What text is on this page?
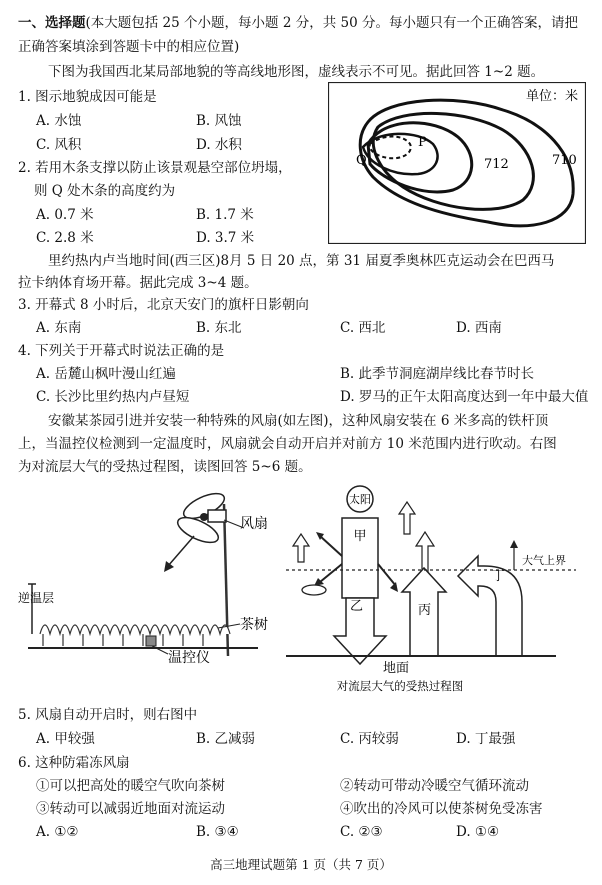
一、选择题(本大题包括 25 个小题，每小题 2 分，共 50 分。每小题只有一个正确答案，请把
正确答案填涂到答题卡中的相应位置)
下图为我国西北某局部地貌的等高线地形图，虚线表示不可见。据此回答 1~2 题。
1. 图示地貌成因可能是
A. 水蚀	B. 风蚀
C. 风积	D. 水积
2. 若用木条支撑以防止该景观悬空部位坍塌，
则 Q 处木条的高度约为
A. 0.7 米	B. 1.7 米
C. 2.8 米	D. 3.7 米
单位：米
P
Q	712	710
里约热内卢当地时间(西三区)8月 5 日 20 点，第 31 届夏季奥林匹克运动会在巴西马
拉卡纳体育场开幕。据此完成 3~4 题。
3. 开幕式 8 小时后，北京天安门的旗杆日影朝向
A. 东南	B. 东北	C. 西北	D. 西南
4. 下列关于开幕式时说法正确的是
A. 岳麓山枫叶漫山红遍	B. 此季节洞庭湖岸线比春节时长
C. 长沙比里约热内卢昼短	D. 罗马的正午太阳高度达到一年中最大值
安徽某茶园引进并安装一种特殊的风扇(如左图)，这种风扇安装在 6 米多高的铁杆顶
上，当温控仪检测到一定温度时，风扇就会自动开启并对前方 10 米范围内进行吹动。右图
为对流层大气的受热过程图，读图回答 5~6 题。
风扇
逆温层
温控仪
茶树
太阳
甲
乙	丙
丁
大气上界
地面
对流层大气的受热过程图
5. 风扇自动开启时，则右图中
A. 甲较强	B. 乙减弱	C. 丙较弱	D. 丁最强
6. 这种防霜冻风扇
①可以把高处的暖空气吹向茶树	②转动可带动冷暖空气循环流动
③转动可以减弱近地面对流运动	④吹出的冷风可以使茶树免受冻害
A. ①②	B. ③④	C. ②③	D. ①④
高三地理试题第 1 页（共 7 页）
